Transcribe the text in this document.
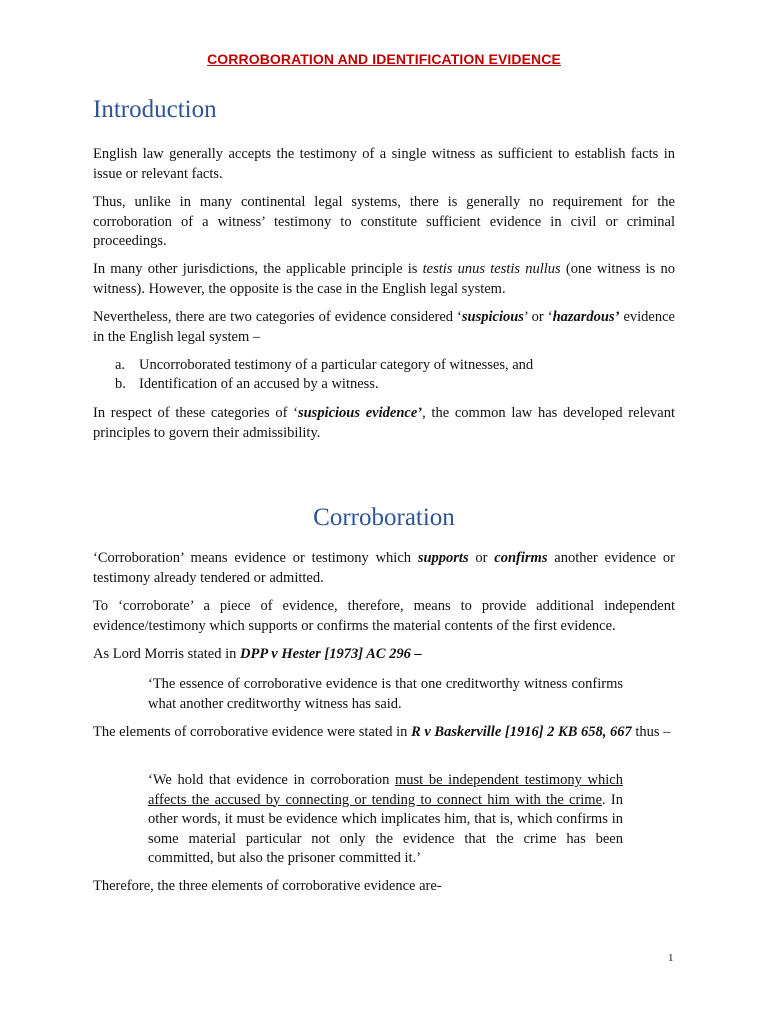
CORROBORATION AND IDENTIFICATION EVIDENCE
Introduction

English law generally accepts the testimony of a single witness as sufficient to establish facts in issue or relevant facts.

Thus, unlike in many continental legal systems, there is generally no requirement for the corroboration of a witness’ testimony to constitute sufficient evidence in civil or criminal proceedings.

In many other jurisdictions, the applicable principle is testis unus testis nullus (one witness is no witness). However, the opposite is the case in the English legal system.

Nevertheless, there are two categories of evidence considered ‘suspicious’ or ‘hazardous’ evidence in the English legal system –

a. Uncorroborated testimony of a particular category of witnesses, and

b. Identification of an accused by a witness.

In respect of these categories of ‘suspicious evidence’, the common law has developed relevant principles to govern their admissibility.

Corroboration

‘Corroboration’ means evidence or testimony which supports or confirms another evidence or testimony already tendered or admitted.

To ‘corroborate’ a piece of evidence, therefore, means to provide additional independent evidence/testimony which supports or confirms the material contents of the first evidence.

As Lord Morris stated in DPP v Hester [1973] AC 296 –

‘The essence of corroborative evidence is that one creditworthy witness confirms what another creditworthy witness has said.

The elements of corroborative evidence were stated in R v Baskerville [1916] 2 KB 658, 667 thus –

‘We hold that evidence in corroboration must be independent testimony which affects the accused by connecting or tending to connect him with the crime. In other words, it must be evidence which implicates him, that is, which confirms in some material particular not only the evidence that the crime has been committed, but also the prisoner committed it.’

Therefore, the three elements of corroborative evidence are-

1
